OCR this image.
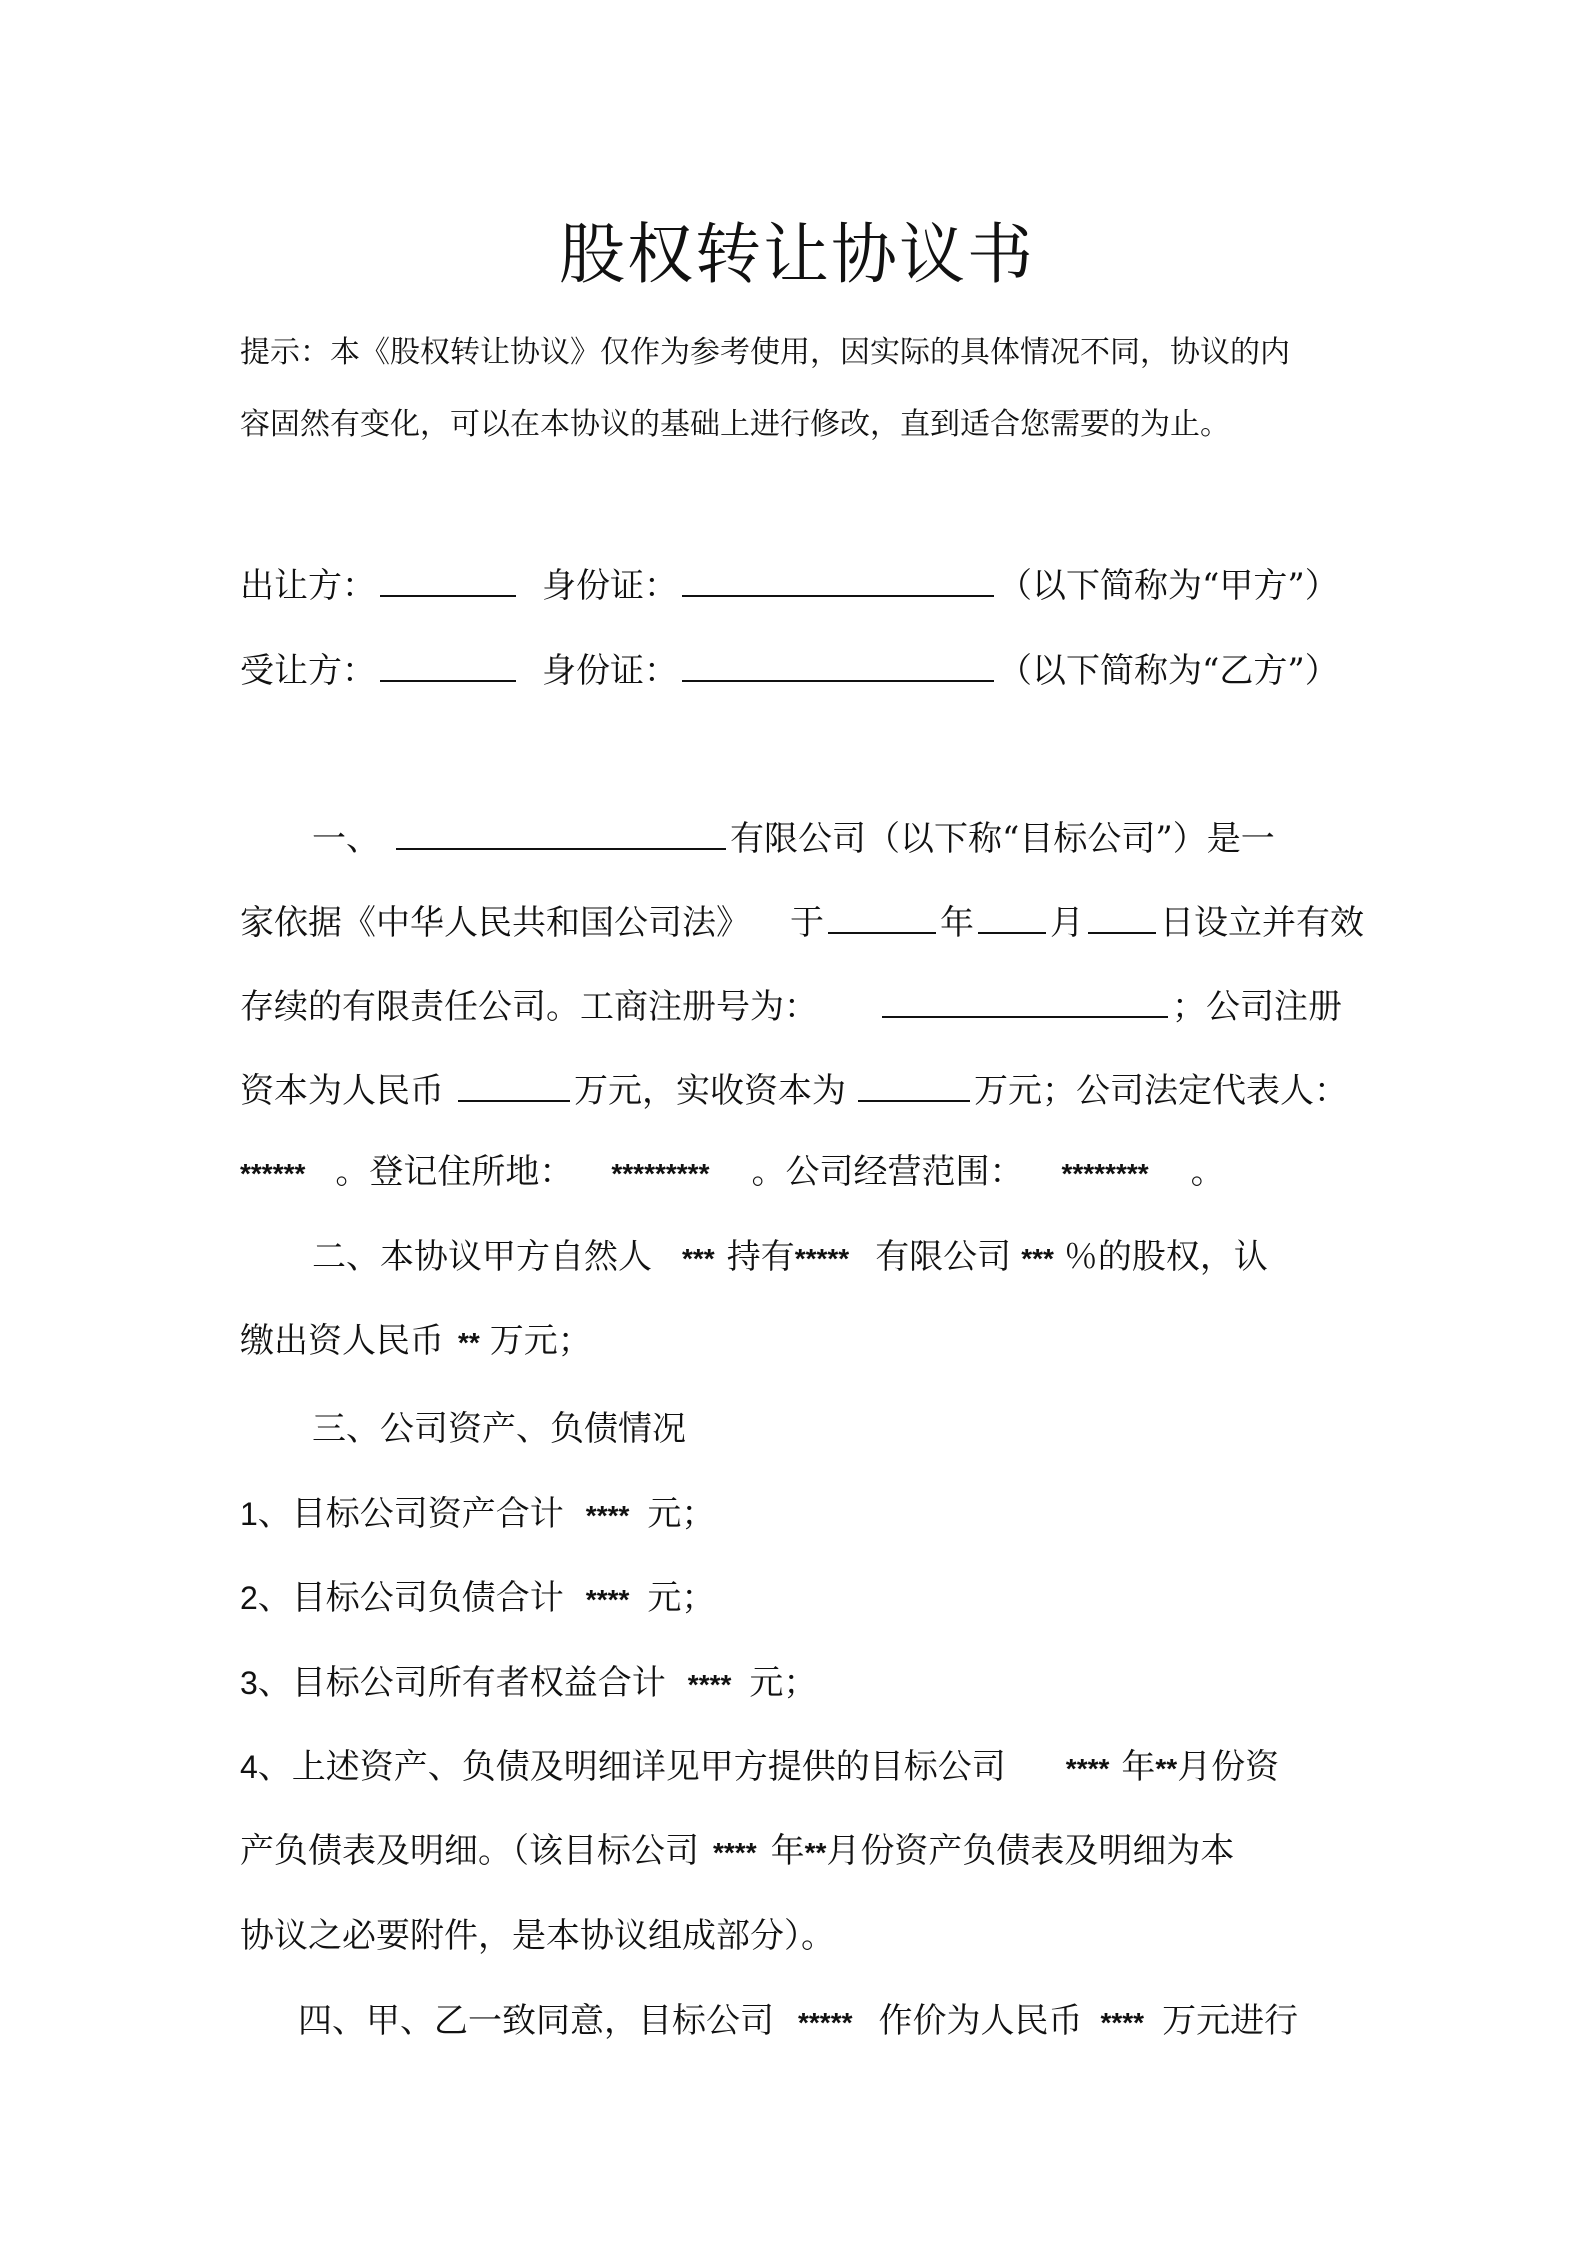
股权转让协议书
提示：本《股权转让协议》仅作为参考使用，因实际的具体情况不同，协议的内
容固然有变化，可以在本协议的基础上进行修改，直到适合您需要的为止。
出让方：	身份证：	（以下简称为“甲方”）
受让方：	身份证：	（以下简称为“乙方”）
一、	有限公司（以下称“目标公司”）是一
家依据《中华人民共和国公司法》 于	年 月 日设立并有效
存续的有限责任公司。工商注册号为：	；公司注册
资本为人民币	万元，实收资本为	万元；公司法定代表人：
****** 。登记住所地： ********* 。公司经营范围： ******** 。
二、本协议甲方自然人 *** 持有***** 有限公司 *** ％的股权，认
缴出资人民币 ** 万元；
三、公司资产、负债情况
1、目标公司资产合计 **** 元；
2、目标公司负债合计 **** 元；
3、目标公司所有者权益合计 **** 元；
4、上述资产、负债及明细详见甲方提供的目标公司 **** 年**月份资
产负债表及明细。（该目标公司 **** 年**月份资产负债表及明细为本
协议之必要附件，是本协议组成部分）。
四、甲、乙一致同意，目标公司 ***** 作价为人民币 **** 万元进行
